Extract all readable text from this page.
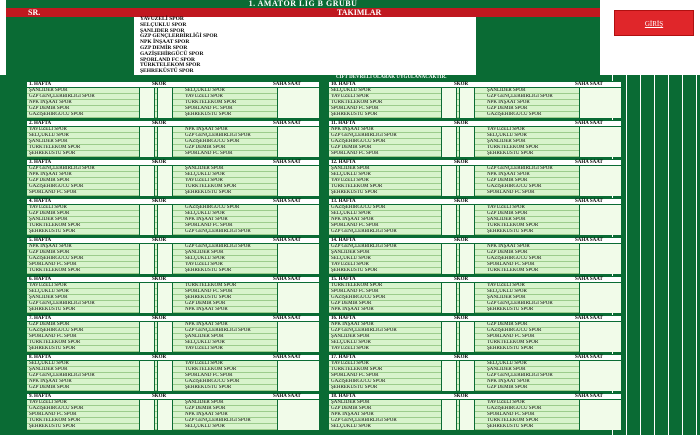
1. AMATÖR LİG B GRUBU
SR.	TAKIMLAR
YAVUZELİ SPOR
SELÇUKLU SPOR
ŞANLIDER SPOR
GZP GENÇLERBİRLİĞİ SPOR
NPK İNŞAAT SPOR
GZP DEMİR SPOR
GAZİŞEHİRGÜCÜ SPOR
SPORLAND FC SPOR
TÜRKTELEKOM SPOR
ŞEHREKÜSTÜ SPOR
GİRİŞ
CİFT DEVRELİ OLARAK UYGULANACAKTIR.
1. HAFTA	SKOR	SAHA SAAT
ŞANLIDER SPOR	SELÇUKLU SPOR
GZP GENÇLERBİRLİĞİ SPOR	YAVUZELİ SPOR
NPK İNŞAAT SPOR	TÜRKTELEKOM SPOR
GZP DEMİR SPOR	SPORLAND FC SPOR
GAZİŞEHİRGÜCÜ SPOR	ŞEHREKÜSTÜ SPOR
10. HAFTA	SKOR	SAHA SAAT
SELÇUKLU SPOR	ŞANLIDER SPOR
YAVUZELİ SPOR	GZP GENÇLERBİRLİĞİ SPOR
TÜRKTELEKOM SPOR	NPK İNŞAAT SPOR
SPORLAND FC SPOR	GZP DEMİR SPOR
ŞEHREKÜSTÜ SPOR	GAZİŞEHİRGÜCÜ SPOR
2. HAFTA	SKOR	SAHA SAAT
YAVUZELİ SPOR	NPK İNŞAAT SPOR
SELÇUKLU SPOR	GZP GENÇLERBİRLİĞİ SPOR
ŞANLIDER SPOR	GAZİŞEHİRGÜCÜ SPOR
TÜRKTELEKOM SPOR	GZP DEMİR SPOR
ŞEHREKÜSTÜ SPOR	SPORLAND FC SPOR
11. HAFTA	SKOR	SAHA SAAT
NPK İNŞAAT SPOR	YAVUZELİ SPOR
GZP GENÇLERBİRLİĞİ SPOR	SELÇUKLU SPOR
GAZİŞEHİRGÜCÜ SPOR	ŞANLIDER SPOR
GZP DEMİR SPOR	TÜRKTELEKOM SPOR
SPORLAND FC SPOR	ŞEHREKÜSTÜ SPOR
3. HAFTA	SKOR	SAHA SAAT
GZP GENÇLERBİRLİĞİ SPOR	ŞANLIDER SPOR
NPK İNŞAAT SPOR	SELÇUKLU SPOR
GZP DEMİR SPOR	YAVUZELİ SPOR
GAZİŞEHİRGÜCÜ SPOR	TÜRKTELEKOM SPOR
SPORLAND FC SPOR	ŞEHREKÜSTÜ SPOR
12. HAFTA	SKOR	SAHA SAAT
ŞANLIDER SPOR	GZP GENÇLERBİRLİĞİ SPOR
SELÇUKLU SPOR	NPK İNŞAAT SPOR
YAVUZELİ SPOR	GZP DEMİR SPOR
TÜRKTELEKOM SPOR	GAZİŞEHİRGÜCÜ SPOR
ŞEHREKÜSTÜ SPOR	SPORLAND FC SPOR
4. HAFTA	SKOR	SAHA SAAT
YAVUZELİ SPOR	GAZİŞEHİRGÜCÜ SPOR
GZP DEMİR SPOR	SELÇUKLU SPOR
ŞANLIDER SPOR	NPK İNŞAAT SPOR
TÜRKTELEKOM SPOR	SPORLAND FC SPOR
ŞEHREKÜSTÜ SPOR	GZP GENÇLERBİRLİĞİ SPOR
13. HAFTA	SKOR	SAHA SAAT
GAZİŞEHİRGÜCÜ SPOR	YAVUZELİ SPOR
SELÇUKLU SPOR	GZP DEMİR SPOR
NPK İNŞAAT SPOR	ŞANLIDER SPOR
SPORLAND FC SPOR	TÜRKTELEKOM SPOR
GZP GENÇLERBİRLİĞİ SPOR	ŞEHREKÜSTÜ SPOR
5. HAFTA	SKOR	SAHA SAAT
NPK İNŞAAT SPOR	GZP GENÇLERBİRLİĞİ SPOR
GZP DEMİR SPOR	ŞANLIDER SPOR
GAZİŞEHİRGÜCÜ SPOR	SELÇUKLU SPOR
SPORLAND FC SPOR	YAVUZELİ SPOR
TÜRKTELEKOM SPOR	ŞEHREKÜSTÜ SPOR
14. HAFTA	SKOR	SAHA SAAT
GZP GENÇLERBİRLİĞİ SPOR	NPK İNŞAAT SPOR
ŞANLIDER SPOR	GZP DEMİR SPOR
SELÇUKLU SPOR	GAZİŞEHİRGÜCÜ SPOR
YAVUZELİ SPOR	SPORLAND FC SPOR
ŞEHREKÜSTÜ SPOR	TÜRKTELEKOM SPOR
6. HAFTA	SKOR	SAHA SAAT
YAVUZELİ SPOR	TÜRKTELEKOM SPOR
SELÇUKLU SPOR	SPORLAND FC SPOR
ŞANLIDER SPOR	ŞEHREKÜSTÜ SPOR
GZP GENÇLERBİRLİĞİ SPOR	GZP DEMİR SPOR
ŞEHREKÜSTÜ SPOR	NPK İNŞAAT SPOR
15. HAFTA	SKOR	SAHA SAAT
TÜRKTELEKOM SPOR	YAVUZELİ SPOR
SPORLAND FC SPOR	SELÇUKLU SPOR
GAZİŞEHİRGÜCÜ SPOR	ŞANLIDER SPOR
GZP DEMİR SPOR	GZP GENÇLERBİRLİĞİ SPOR
NPK İNŞAAT SPOR	ŞEHREKÜSTÜ SPOR
7. HAFTA	SKOR	SAHA SAAT
GZP DEMİR SPOR	NPK İNŞAAT SPOR
GAZİŞEHİRGÜCÜ SPOR	GZP GENÇLERBİRLİĞİ SPOR
SPORLAND FC SPOR	ŞANLIDER SPOR
TÜRKTELEKOM SPOR	SELÇUKLU SPOR
ŞEHREKÜSTÜ SPOR	YAVUZELİ SPOR
16. HAFTA	SKOR	SAHA SAAT
NPK İNŞAAT SPOR	GZP DEMİR SPOR
GZP GENÇLERBİRLİĞİ SPOR	GAZİŞEHİRGÜCÜ SPOR
ŞANLIDER SPOR	SPORLAND FC SPOR
SELÇUKLU SPOR	TÜRKTELEKOM SPOR
YAVUZELİ SPOR	ŞEHREKÜSTÜ SPOR
8. HAFTA	SKOR	SAHA SAAT
SELÇUKLU SPOR	YAVUZELİ SPOR
ŞANLIDER SPOR	TÜRKTELEKOM SPOR
GZP GENÇLERBİRLİĞİ SPOR	SPORLAND FC SPOR
NPK İNŞAAT SPOR	GAZİŞEHİRGÜCÜ SPOR
GZP DEMİR SPOR	ŞEHREKÜSTÜ SPOR
17. HAFTA	SKOR	SAHA SAAT
YAVUZELİ SPOR	SELÇUKLU SPOR
TÜRKTELEKOM SPOR	ŞANLIDER SPOR
SPORLAND FC SPOR	GZP GENÇLERBİRLİĞİ SPOR
GAZİŞEHİRGÜCÜ SPOR	NPK İNŞAAT SPOR
ŞEHREKÜSTÜ SPOR	GZP DEMİR SPOR
9. HAFTA	SKOR	SAHA SAAT
YAVUZELİ SPOR	ŞANLIDER SPOR
GAZİŞEHİRGÜCÜ SPOR	GZP DEMİR SPOR
SPORLAND FC SPOR	NPK İNŞAAT SPOR
TÜRKTELEKOM SPOR	GZP GENÇLERBİRLİĞİ SPOR
ŞEHREKÜSTÜ SPOR	SELÇUKLU SPOR
18. HAFTA	SKOR	SAHA SAAT
ŞANLIDER SPOR	YAVUZELİ SPOR
GZP DEMİR SPOR	GAZİŞEHİRGÜCÜ SPOR
NPK İNŞAAT SPOR	SPORLAND FC SPOR
GZP GENÇLERBİRLİĞİ SPOR	TÜRKTELEKOM SPOR
SELÇUKLU SPOR	ŞEHREKÜSTÜ SPOR
